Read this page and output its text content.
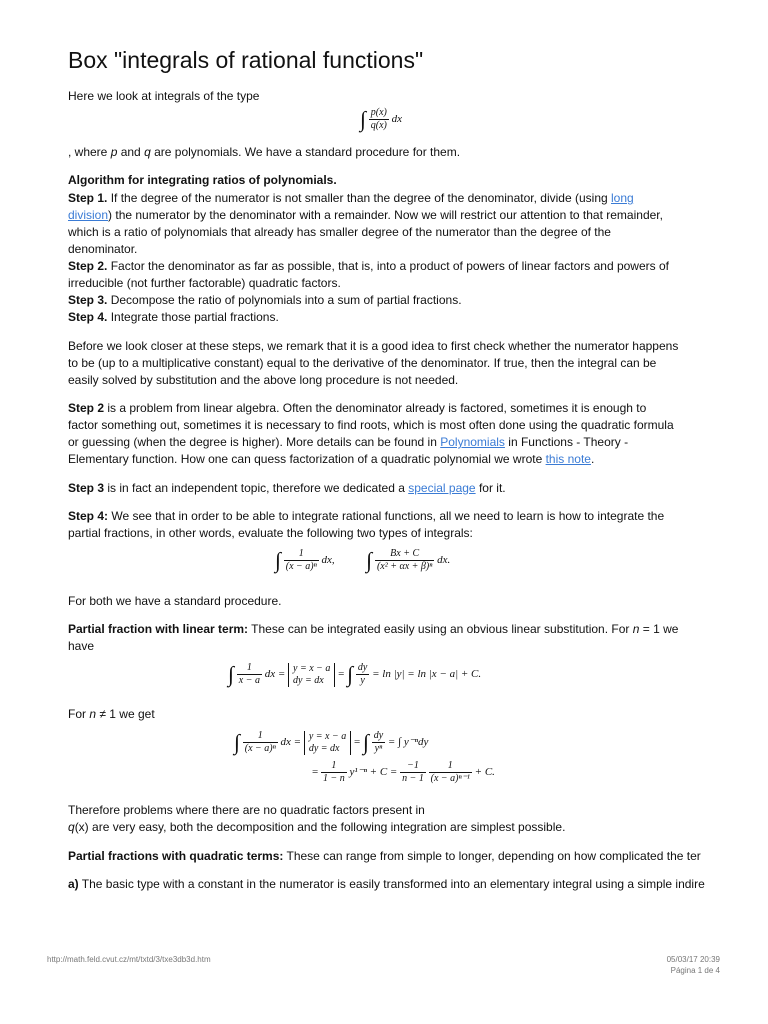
Box "integrals of rational functions"
Here we look at integrals of the type
∫ $\frac{p(x)}{q(x)}$ dx
, where p and q are polynomials. We have a standard procedure for them.
Algorithm for integrating ratios of polynomials.
Step 1. If the degree of the numerator is not smaller than the degree of the denominator, divide (using long
division) the numerator by the denominator with a remainder. Now we will restrict our attention to that remainder,
which is a ratio of polynomials that already has smaller degree of the numerator than the degree of the
denominator.
Step 2. Factor the denominator as far as possible, that is, into a product of powers of linear factors and powers of
irreducible (not further factorable) quadratic factors.
Step 3. Decompose the ratio of polynomials into a sum of partial fractions.
Step 4. Integrate those partial fractions.
Before we look closer at these steps, we remark that it is a good idea to first check whether the numerator happens
to be (up to a multiplicative constant) equal to the derivative of the denominator. If true, then the integral can be
easily solved by substitution and the above long procedure is not needed.
Step 2 is a problem from linear algebra. Often the denominator already is factored, sometimes it is enough to
factor something out, sometimes it is necessary to find roots, which is most often done using the quadratic formula
or guessing (when the degree is higher). More details can be found in Polynomials in Functions - Theory -
Elementary function. How one can quess factorization of a quadratic polynomial we wrote this note.
Step 3 is in fact an independent topic, therefore we dedicated a special page for it.
Step 4: We see that in order to be able to integrate rational functions, all we need to learn is how to integrate the
partial fractions, in other words, evaluate the following two types of integrals:
∫ $\frac{1}{\text{(x − a)ⁿ}}$ dx, ∫ $\frac{Bx + C}{\text{(x² + αx + β)ⁿ}}$ dx.
For both we have a standard procedure.
Partial fraction with linear term: These can be integrated easily using an obvious linear substitution. For n = 1 we
have
∫ $\frac{1}{x - a}$ dx = y = x − a
dy = dx = ∫ $\frac{dy}{y} = \ln |y| = \ln |x - a| + C$.
For n ≠ 1 we get
∫ $\frac{1}{\text{(x − a)ⁿ}}$ dx = y = x − a
dy = dx = ∫ $\frac{dy}{\text{yⁿ}}$ = ∫ y⁻ⁿdy
= $\frac{1}{1 - n} y^{1-n} + C = \frac{-1}{n - 1}$
$\frac{1}{\text{(x − a)ⁿ⁻¹}} + C$.
Therefore problems where there are no quadratic factors present in
q(x) are very easy, both the decomposition and the following integration are simplest possible.
Partial fractions with quadratic terms: These can range from simple to longer, depending on how complicated the ter
a) The basic type with a constant in the numerator is easily transformed into an elementary integral using a simple indire
http://math.feld.cvut.cz/mt/txtd/3/txe3db3d.htm	05/03/17 20:39
Página 1 de 4
